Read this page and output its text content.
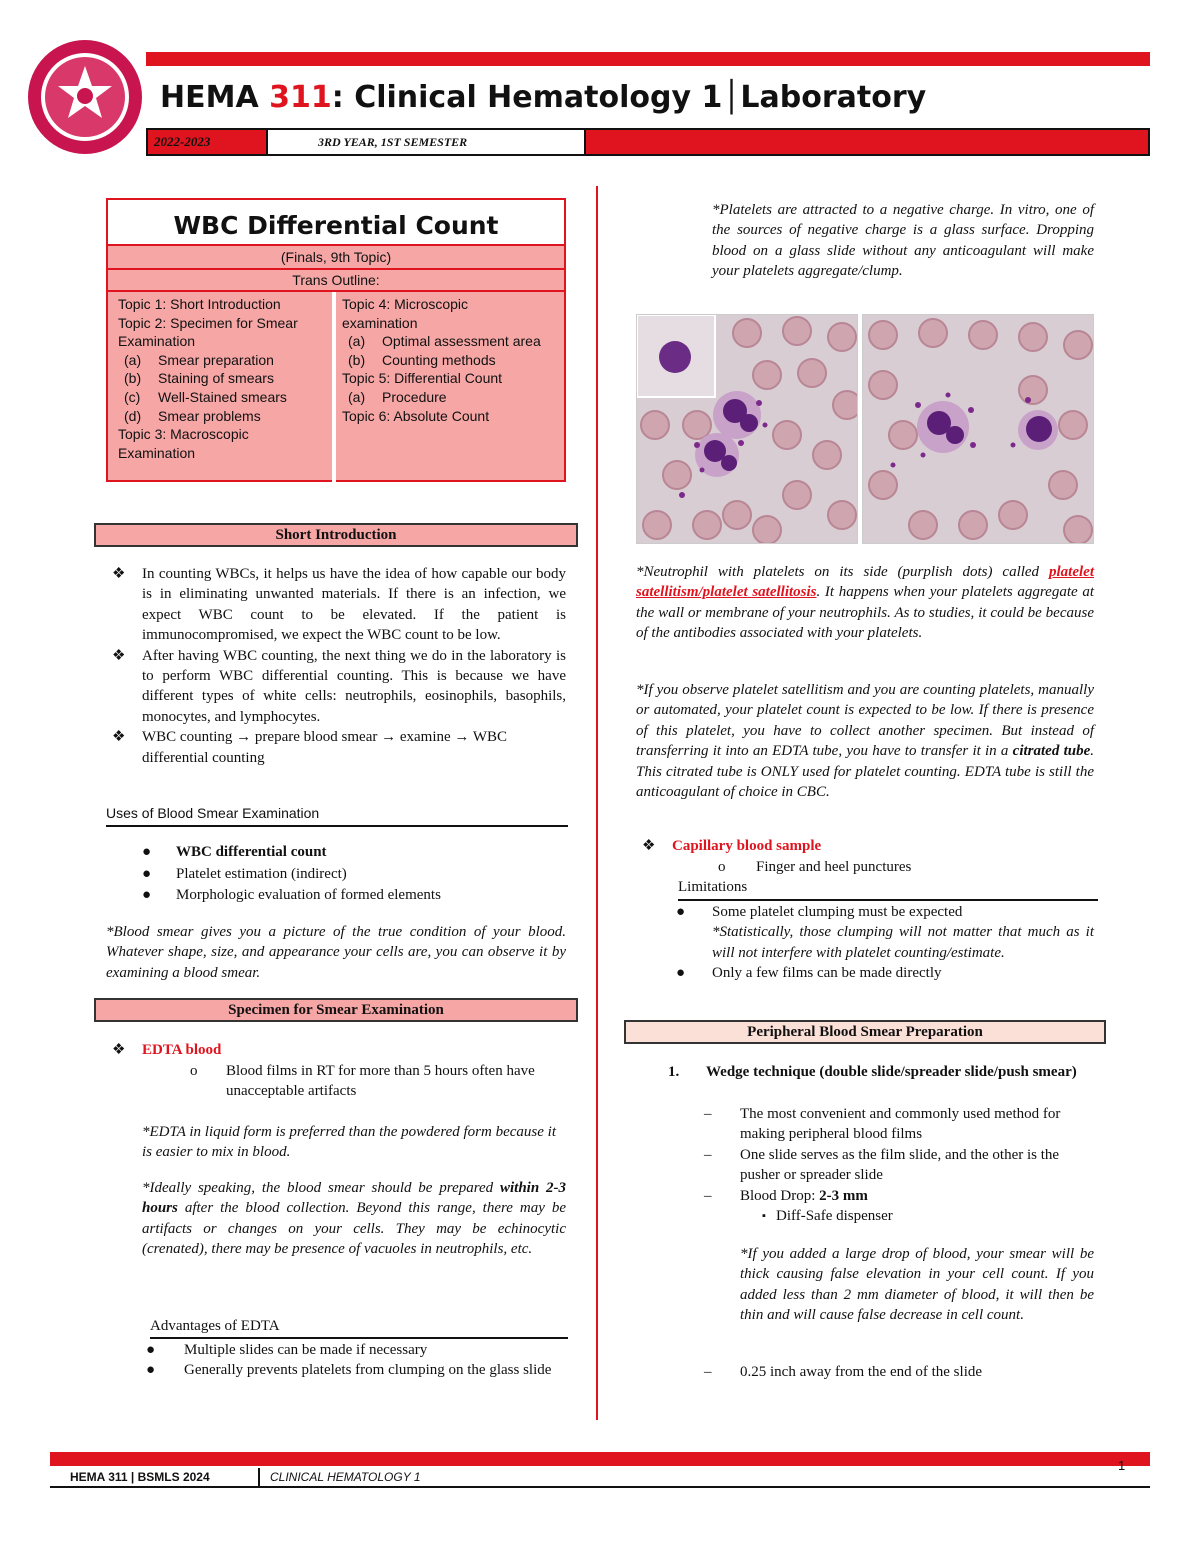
HEMA 311: Clinical Hematology 1│Laboratory
2022-2023	3RD YEAR, 1ST SEMESTER
WBC Differential Count
(Finals, 9th Topic)
Trans Outline:
Topic 1: Short Introduction
Topic 2: Specimen for Smear Examination
(a) Smear preparation
(b) Staining of smears
(c) Well-Stained smears
(d) Smear problems
Topic 3: Macroscopic Examination
Topic 4: Microscopic examination
(a) Optimal assessment area
(b) Counting methods
Topic 5: Differential Count
(a) Procedure
Topic 6: Absolute Count
Short Introduction
❖ In counting WBCs, it helps us have the idea of how capable our body is in eliminating unwanted materials. If there is an infection, we expect WBC count to be elevated. If the patient is immunocompromised, we expect the WBC count to be low.
❖ After having WBC counting, the next thing we do in the laboratory is to perform WBC differential counting. This is because we have different types of white cells: neutrophils, eosinophils, basophils, monocytes, and lymphocytes.
❖ WBC counting → prepare blood smear → examine → WBC differential counting
Uses of Blood Smear Examination
● WBC differential count
● Platelet estimation (indirect)
● Morphologic evaluation of formed elements
*Blood smear gives you a picture of the true condition of your blood. Whatever shape, size, and appearance your cells are, you can observe it by examining a blood smear.
Specimen for Smear Examination
❖ EDTA blood
o Blood films in RT for more than 5 hours often have unacceptable artifacts
*EDTA in liquid form is preferred than the powdered form because it is easier to mix in blood.
*Ideally speaking, the blood smear should be prepared within 2-3 hours after the blood collection. Beyond this range, there may be artifacts or changes on your cells. They may be echinocytic (crenated), there may be presence of vacuoles in neutrophils, etc.
Advantages of EDTA
● Multiple slides can be made if necessary
● Generally prevents platelets from clumping on the glass slide
*Platelets are attracted to a negative charge. In vitro, one of the sources of negative charge is a glass surface. Dropping blood on a glass slide without any anticoagulant will make your platelets aggregate/clump.
*Neutrophil with platelets on its side (purplish dots) called platelet satellitism/platelet satellitosis. It happens when your platelets aggregate at the wall or membrane of your neutrophils. As to studies, it could be because of the antibodies associated with your platelets.
*If you observe platelet satellitism and you are counting platelets, manually or automated, your platelet count is expected to be low. If there is presence of this platelet, you have to collect another specimen. But instead of transferring it into an EDTA tube, you have to transfer it in a citrated tube. This citrated tube is ONLY used for platelet counting. EDTA tube is still the anticoagulant of choice in CBC.
❖ Capillary blood sample
o Finger and heel punctures
Limitations
● Some platelet clumping must be expected
*Statistically, those clumping will not matter that much as it will not interfere with platelet counting/estimate.
● Only a few films can be made directly
Peripheral Blood Smear Preparation
1. Wedge technique (double slide/spreader slide/push smear)
– The most convenient and commonly used method for making peripheral blood films
– One slide serves as the film slide, and the other is the pusher or spreader slide
– Blood Drop: 2-3 mm
▪ Diff-Safe dispenser
*If you added a large drop of blood, your smear will be thick causing false elevation in your cell count. If you added less than 2 mm diameter of blood, it will then be thin and will cause false decrease in cell count.
– 0.25 inch away from the end of the slide
1
HEMA 311 | BSMLS 2024	CLINICAL HEMATOLOGY 1
